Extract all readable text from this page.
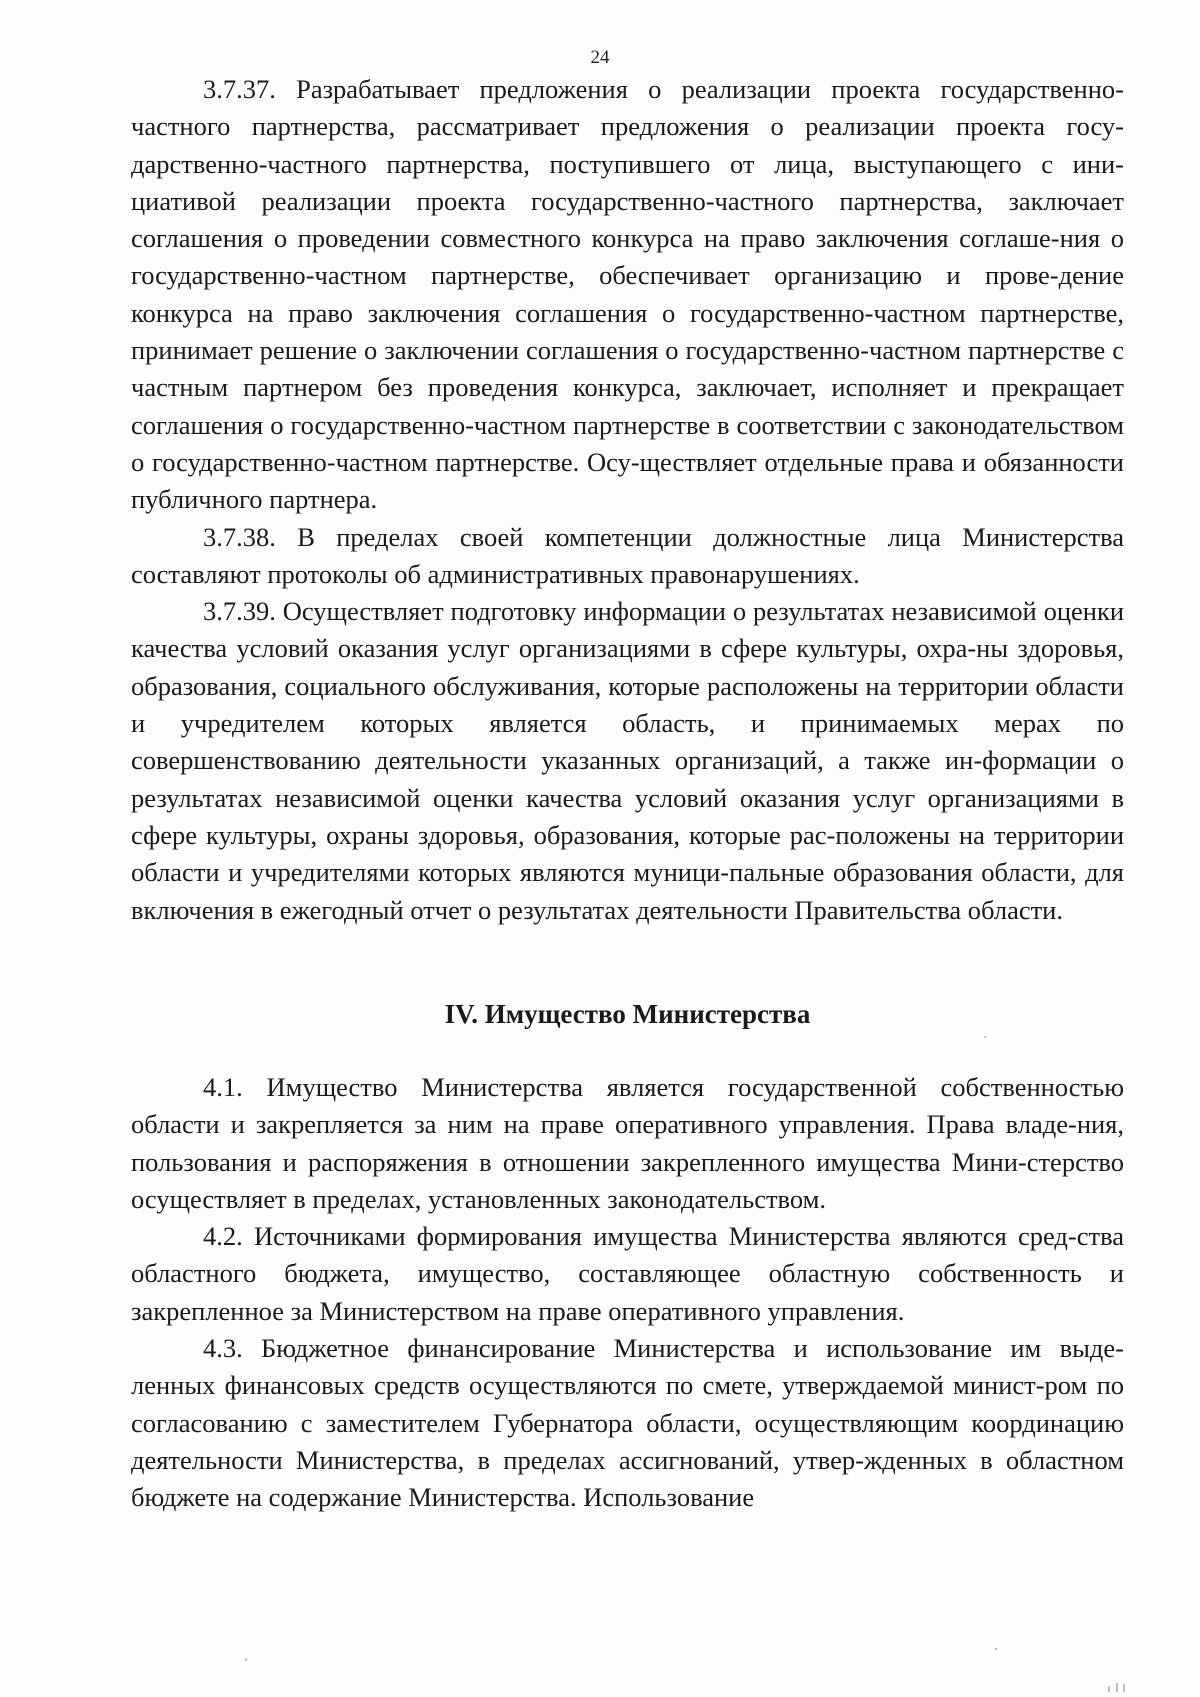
24

3.7.37. Разрабатывает предложения о реализации проекта государственно-частного партнерства, рассматривает предложения о реализации проекта госу-дарственно-частного партнерства, поступившего от лица, выступающего с ини-циативой реализации проекта государственно-частного партнерства, заключает соглашения о проведении совместного конкурса на право заключения соглаше-ния о государственно-частном партнерстве, обеспечивает организацию и прове-дение конкурса на право заключения соглашения о государственно-частном партнерстве, принимает решение о заключении соглашения о государственно-частном партнерстве с частным партнером без проведения конкурса, заключает, исполняет и прекращает соглашения о государственно-частном партнерстве в соответствии с законодательством о государственно-частном партнерстве. Осу-ществляет отдельные права и обязанности публичного партнера.

3.7.38. В пределах своей компетенции должностные лица Министерства составляют протоколы об административных правонарушениях.

3.7.39. Осуществляет подготовку информации о результатах независимой оценки качества условий оказания услуг организациями в сфере культуры, охра-ны здоровья, образования, социального обслуживания, которые расположены на территории области и учредителем которых является область, и принимаемых мерах по совершенствованию деятельности указанных организаций, а также ин-формации о результатах независимой оценки качества условий оказания услуг организациями в сфере культуры, охраны здоровья, образования, которые рас-положены на территории области и учредителями которых являются муници-пальные образования области, для включения в ежегодный отчет о результатах деятельности Правительства области.

IV. Имущество Министерства

4.1. Имущество Министерства является государственной собственностью области и закрепляется за ним на праве оперативного управления. Права владе-ния, пользования и распоряжения в отношении закрепленного имущества Мини-стерство осуществляет в пределах, установленных законодательством.

4.2. Источниками формирования имущества Министерства являются сред-ства областного бюджета, имущество, составляющее областную собственность и закрепленное за Министерством на праве оперативного управления.

4.3. Бюджетное финансирование Министерства и использование им выде-ленных финансовых средств осуществляются по смете, утверждаемой минист-ром по согласованию с заместителем Губернатора области, осуществляющим координацию деятельности Министерства, в пределах ассигнований, утвер-жденных в областном бюджете на содержание Министерства. Использование
